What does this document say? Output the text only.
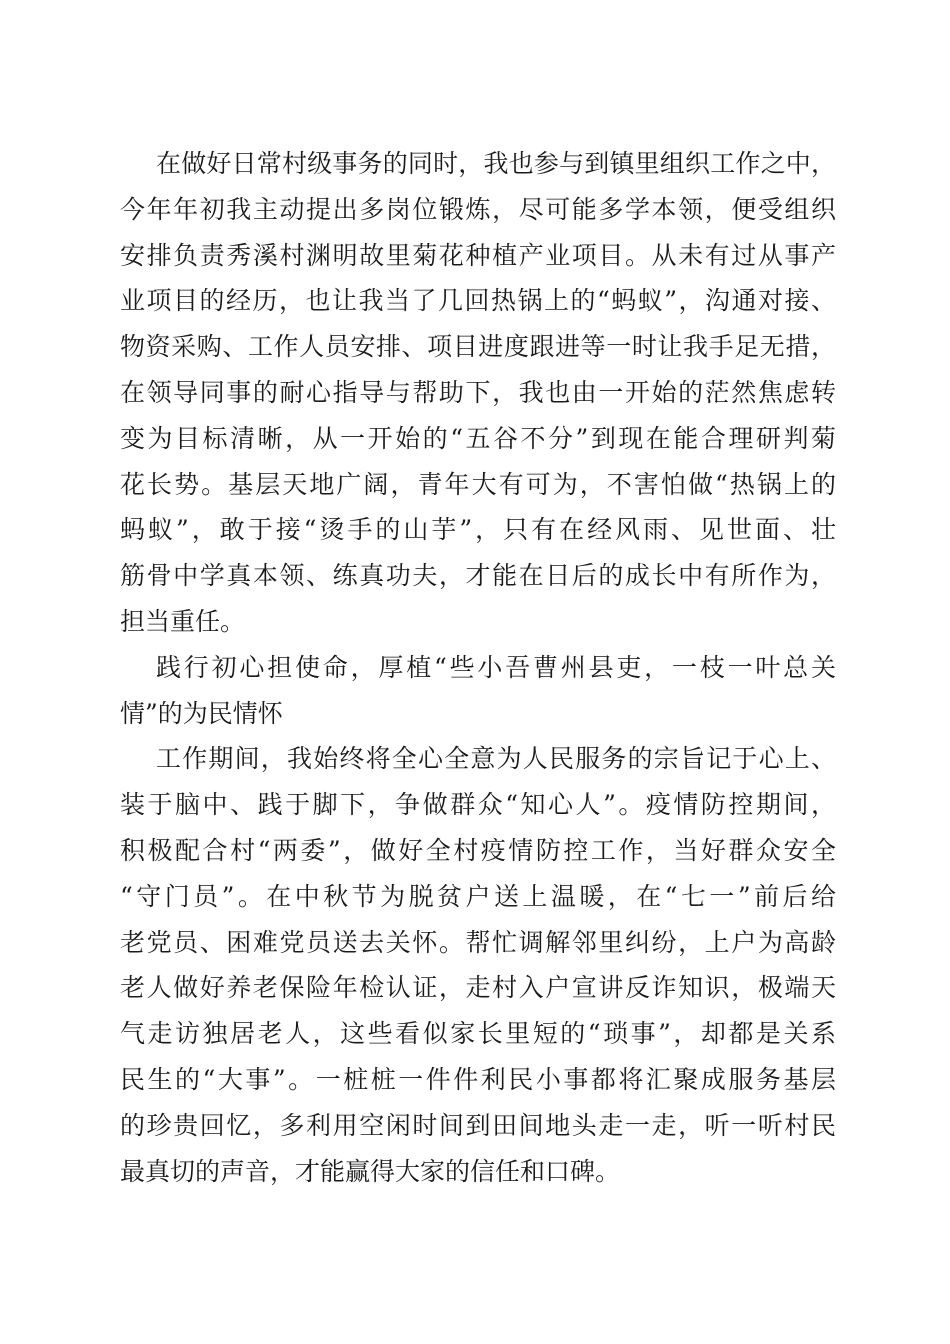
在做好日常村级事务的同时，我也参与到镇里组织工作之中，
今年年初我主动提出多岗位锻炼，尽可能多学本领，便受组织
安排负责秀溪村渊明故里菊花种植产业项目。从未有过从事产
业项目的经历，也让我当了几回热锅上的“蚂蚁”，沟通对接、
物资采购、工作人员安排、项目进度跟进等一时让我手足无措，
在领导同事的耐心指导与帮助下，我也由一开始的茫然焦虑转
变为目标清晰，从一开始的“五谷不分”到现在能合理研判菊
花长势。基层天地广阔，青年大有可为，不害怕做“热锅上的
蚂蚁”，敢于接“烫手的山芋”，只有在经风雨、见世面、壮
筋骨中学真本领、练真功夫，才能在日后的成长中有所作为，
担当重任。
践行初心担使命，厚植“些小吾曹州县吏，一枝一叶总关
情”的为民情怀
工作期间，我始终将全心全意为人民服务的宗旨记于心上、
装于脑中、践于脚下，争做群众“知心人”。疫情防控期间，
积极配合村“两委”，做好全村疫情防控工作，当好群众安全
“守门员”。在中秋节为脱贫户送上温暖，在“七一”前后给
老党员、困难党员送去关怀。帮忙调解邻里纠纷，上户为高龄
老人做好养老保险年检认证，走村入户宣讲反诈知识，极端天
气走访独居老人，这些看似家长里短的“琐事”，却都是关系
民生的“大事”。一桩桩一件件利民小事都将汇聚成服务基层
的珍贵回忆，多利用空闲时间到田间地头走一走，听一听村民
最真切的声音，才能赢得大家的信任和口碑。
